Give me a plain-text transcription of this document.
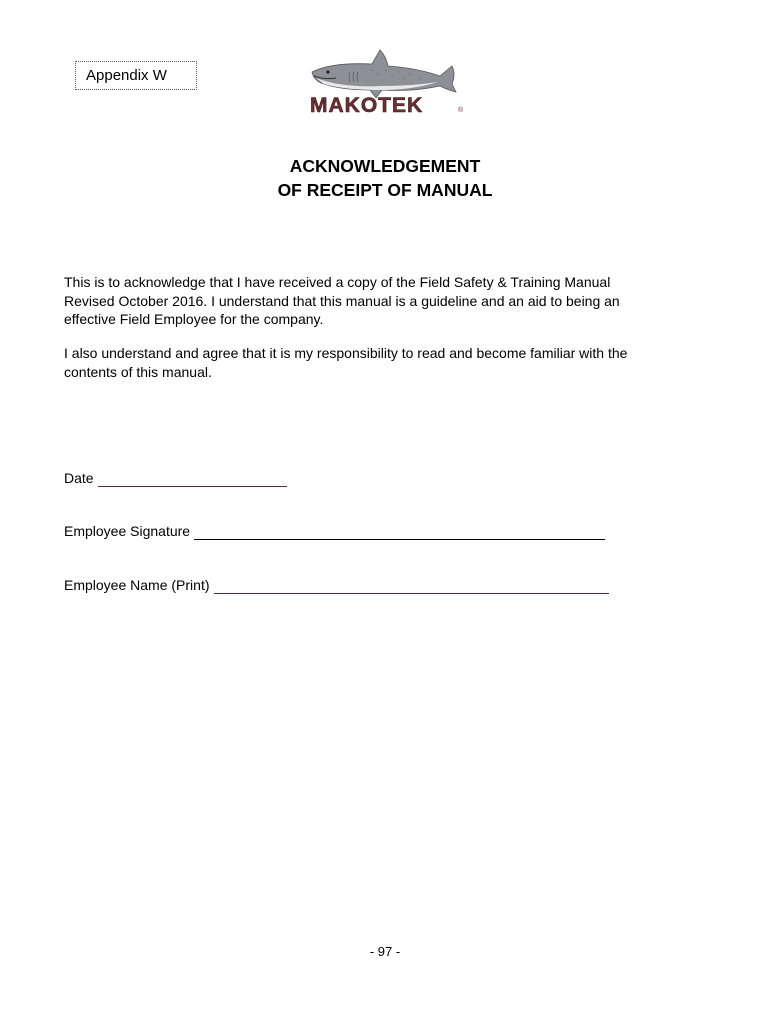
Appendix W
MAKOTEK	®
ACKNOWLEDGEMENT
OF RECEIPT OF MANUAL
This is to acknowledge that I have received a copy of the Field Safety & Training Manual
Revised October 2016. I understand that this manual is a guideline and an aid to being an
effective Field Employee for the company.
I also understand and agree that it is my responsibility to read and become familiar with the
contents of this manual.
Date
Employee Signature
Employee Name (Print)
- 97 -
